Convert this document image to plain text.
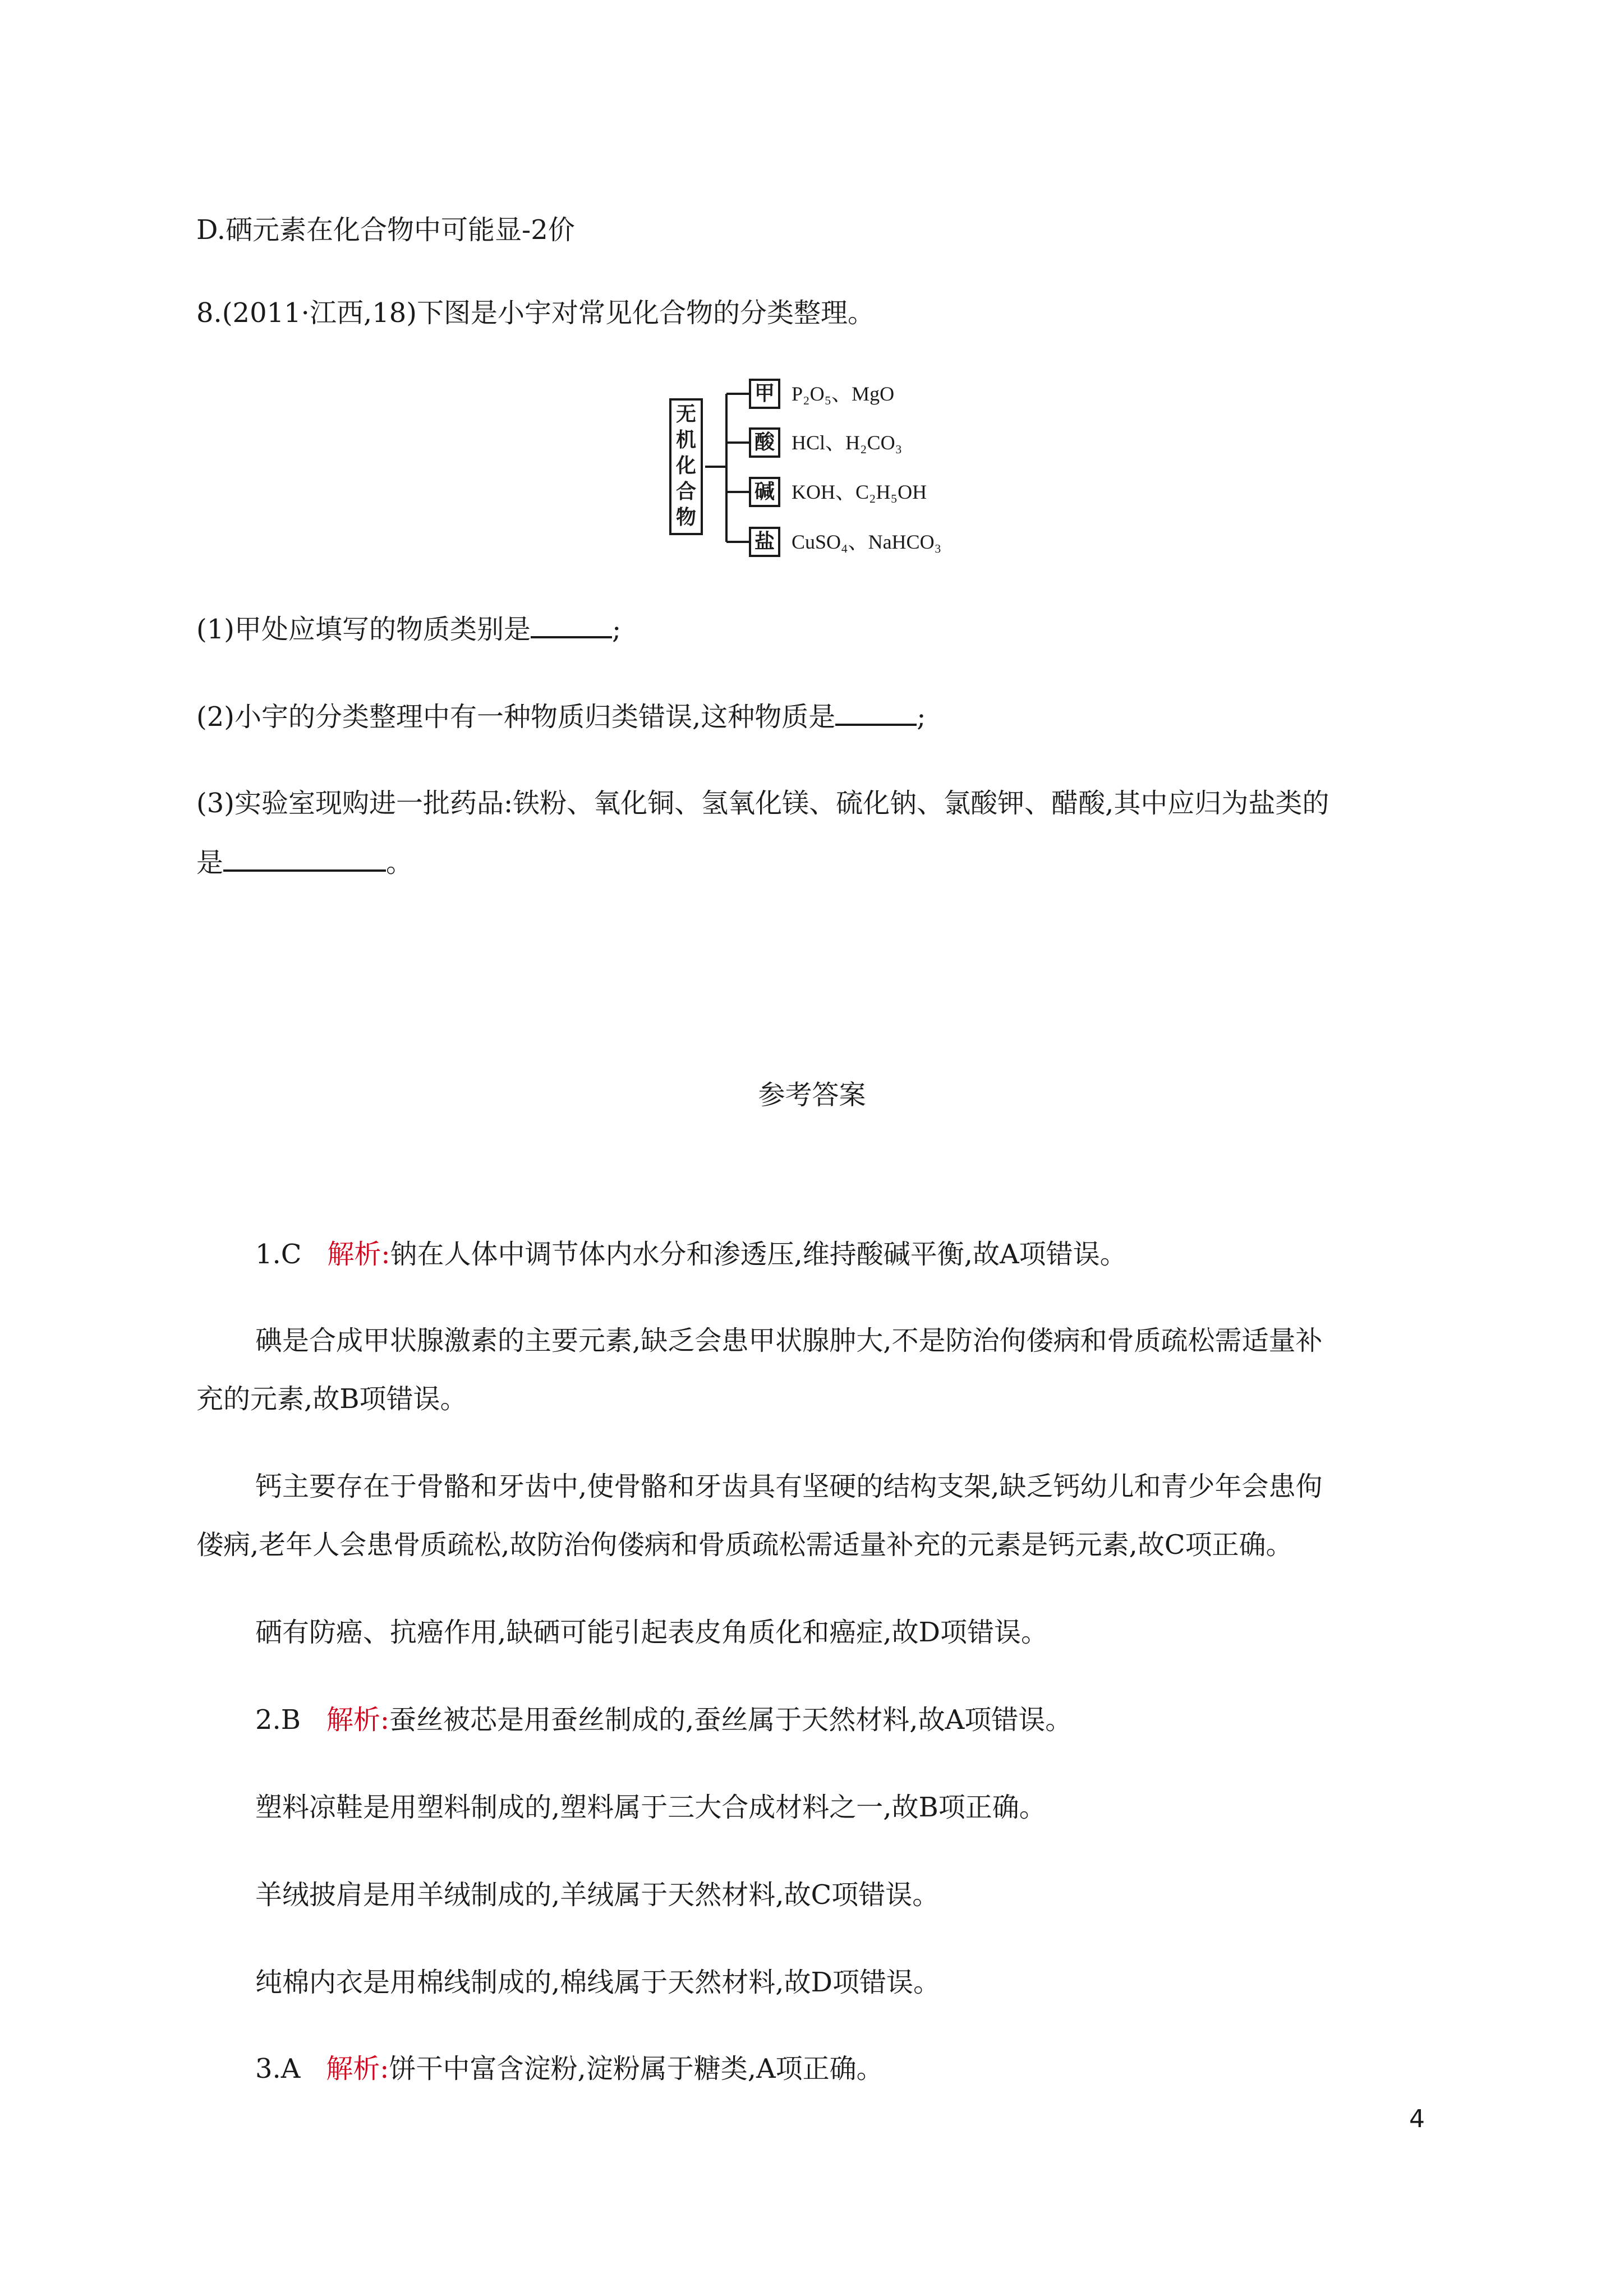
D.硒元素在化合物中可能显-2价
8.(2011·江西,18)下图是小宇对常见化合物的分类整理。
无
机
化
合
物
甲 P₂O₅、MgO
酸 HCl、H₂CO₃
碱 KOH、C₂H₅OH
盐 CuSO₄、NaHCO₃
(1)甲处应填写的物质类别是	;
(2)小宇的分类整理中有一种物质归类错误,这种物质是	;
(3)实验室现购进一批药品:铁粉、氧化铜、氢氧化镁、硫化钠、氯酸钾、醋酸,其中应归为盐类的
是	。
参考答案
1.C 解析:钠在人体中调节体内水分和渗透压,维持酸碱平衡,故A项错误。
碘是合成甲状腺激素的主要元素,缺乏会患甲状腺肿大,不是防治佝偻病和骨质疏松需适量补
充的元素,故B项错误。
钙主要存在于骨骼和牙齿中,使骨骼和牙齿具有坚硬的结构支架,缺乏钙幼儿和青少年会患佝
偻病,老年人会患骨质疏松,故防治佝偻病和骨质疏松需适量补充的元素是钙元素,故C项正确。
硒有防癌、抗癌作用,缺硒可能引起表皮角质化和癌症,故D项错误。
2.B 解析:蚕丝被芯是用蚕丝制成的,蚕丝属于天然材料,故A项错误。
塑料凉鞋是用塑料制成的,塑料属于三大合成材料之一,故B项正确。
羊绒披肩是用羊绒制成的,羊绒属于天然材料,故C项错误。
纯棉内衣是用棉线制成的,棉线属于天然材料,故D项错误。
3.A 解析:饼干中富含淀粉,淀粉属于糖类,A项正确。
4
